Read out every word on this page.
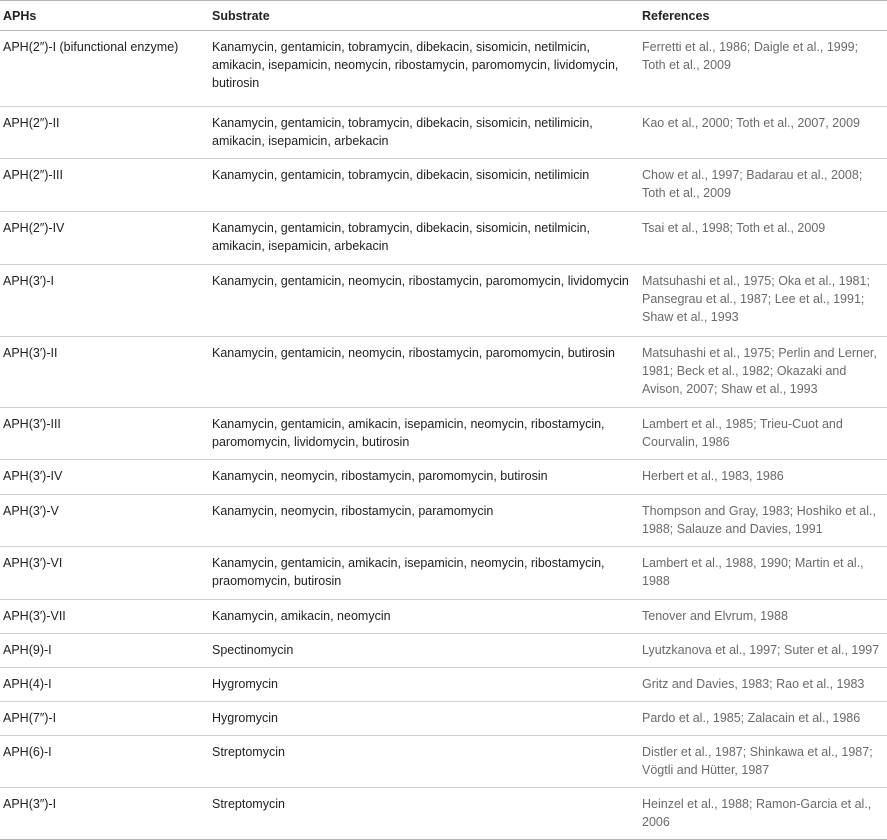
APHs	Substrate	References
APH(2″)-I (bifunctional enzyme)	Kanamycin, gentamicin, tobramycin, dibekacin, sisomicin, netilmicin, amikacin, isepamicin, neomycin, ribostamycin, paromomycin, lividomycin, butirosin	Ferretti et al., 1986; Daigle et al., 1999; Toth et al., 2009
APH(2″)-II	Kanamycin, gentamicin, tobramycin, dibekacin, sisomicin, netilimicin, amikacin, isepamicin, arbekacin	Kao et al., 2000; Toth et al., 2007, 2009
APH(2″)-III	Kanamycin, gentamicin, tobramycin, dibekacin, sisomicin, netilimicin	Chow et al., 1997; Badarau et al., 2008; Toth et al., 2009
APH(2″)-IV	Kanamycin, gentamicin, tobramycin, dibekacin, sisomicin, netilmicin, amikacin, isepamicin, arbekacin	Tsai et al., 1998; Toth et al., 2009
APH(3′)-I	Kanamycin, gentamicin, neomycin, ribostamycin, paromomycin, lividomycin	Matsuhashi et al., 1975; Oka et al., 1981; Pansegrau et al., 1987; Lee et al., 1991; Shaw et al., 1993
APH(3′)-II	Kanamycin, gentamicin, neomycin, ribostamycin, paromomycin, butirosin	Matsuhashi et al., 1975; Perlin and Lerner, 1981; Beck et al., 1982; Okazaki and Avison, 2007; Shaw et al., 1993
APH(3′)-III	Kanamycin, gentamicin, amikacin, isepamicin, neomycin, ribostamycin, paromomycin, lividomycin, butirosin	Lambert et al., 1985; Trieu-Cuot and Courvalin, 1986
APH(3′)-IV	Kanamycin, neomycin, ribostamycin, paromomycin, butirosin	Herbert et al., 1983, 1986
APH(3′)-V	Kanamycin, neomycin, ribostamycin, paramomycin	Thompson and Gray, 1983; Hoshiko et al., 1988; Salauze and Davies, 1991
APH(3′)-VI	Kanamycin, gentamicin, amikacin, isepamicin, neomycin, ribostamycin, praomomycin, butirosin	Lambert et al., 1988, 1990; Martin et al., 1988
APH(3′)-VII	Kanamycin, amikacin, neomycin	Tenover and Elvrum, 1988
APH(9)-I	Spectinomycin	Lyutzkanova et al., 1997; Suter et al., 1997
APH(4)-I	Hygromycin	Gritz and Davies, 1983; Rao et al., 1983
APH(7″)-I	Hygromycin	Pardo et al., 1985; Zalacain et al., 1986
APH(6)-I	Streptomycin	Distler et al., 1987; Shinkawa et al., 1987; Vögtli and Hütter, 1987
APH(3″)-I	Streptomycin	Heinzel et al., 1988; Ramon-Garcia et al., 2006
